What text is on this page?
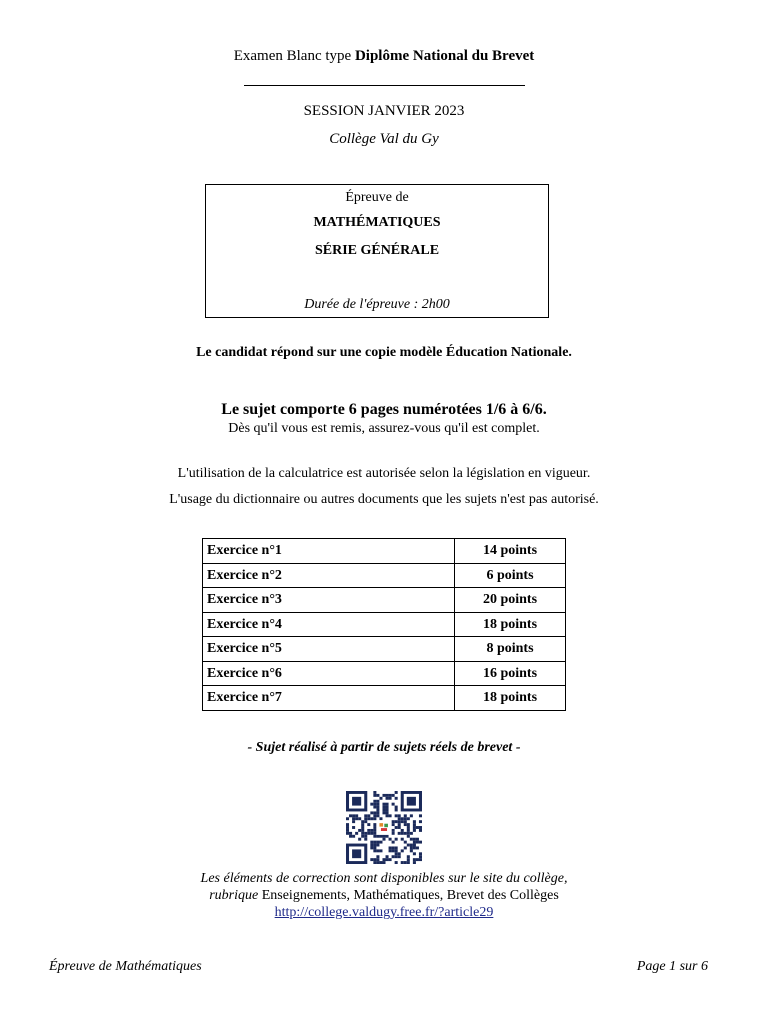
Examen Blanc type Diplôme National du Brevet
SESSION JANVIER 2023
Collège Val du Gy
Épreuve de
MATHÉMATIQUES
SÉRIE GÉNÉRALE
Durée de l'épreuve : 2h00
Le candidat répond sur une copie modèle Éducation Nationale.
Le sujet comporte 6 pages numérotées 1/6 à 6/6.
Dès qu'il vous est remis, assurez-vous qu'il est complet.
L'utilisation de la calculatrice est autorisée selon la législation en vigueur.
L'usage du dictionnaire ou autres documents que les sujets n'est pas autorisé.
Exercice n°1	14 points
Exercice n°2	6 points
Exercice n°3	20 points
Exercice n°4	18 points
Exercice n°5	8 points
Exercice n°6	16 points
Exercice n°7	18 points
- Sujet réalisé à partir de sujets réels de brevet -
Les éléments de correction sont disponibles sur le site du collège,
rubrique Enseignements, Mathématiques, Brevet des Collèges
http://college.valdugy.free.fr/?article29
Épreuve de Mathématiques	Page 1 sur 6
